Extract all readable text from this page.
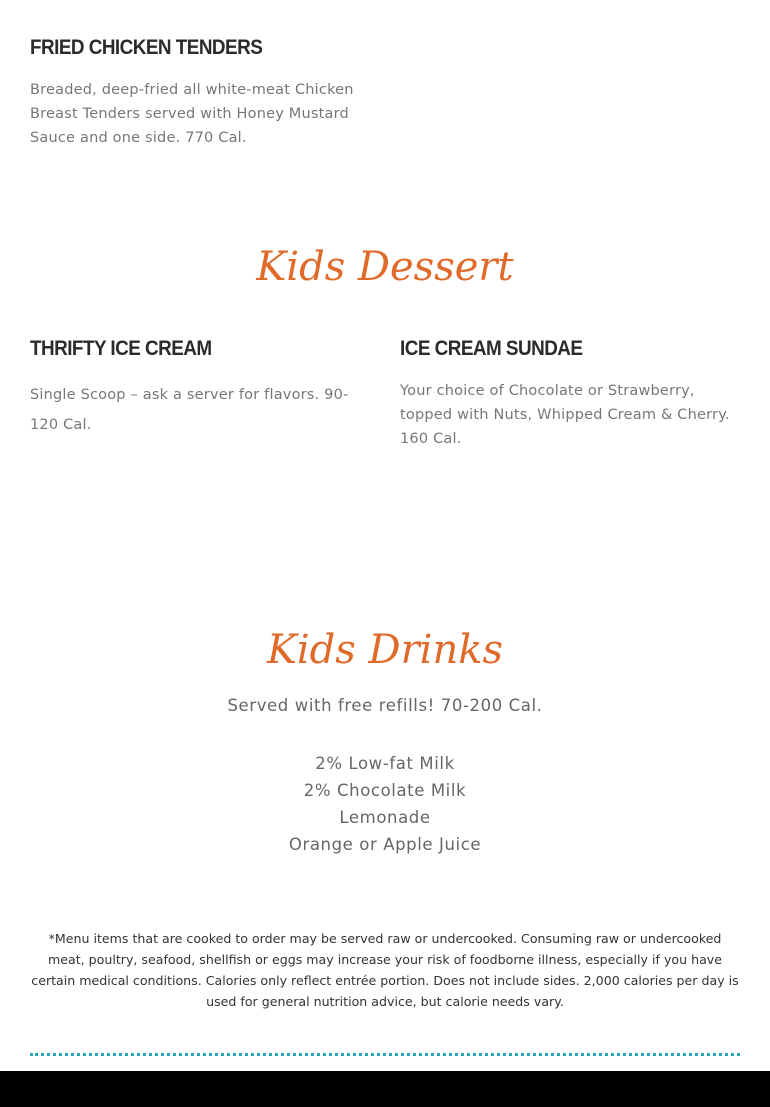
FRIED CHICKEN TENDERS
Breaded, deep-fried all white-meat Chicken Breast Tenders served with Honey Mustard Sauce and one side. 770 Cal.
Kids Dessert
THRIFTY ICE CREAM
Single Scoop – ask a server for flavors. 90-120 Cal.
ICE CREAM SUNDAE
Your choice of Chocolate or Strawberry, topped with Nuts, Whipped Cream & Cherry. 160 Cal.
Kids Drinks
Served with free refills! 70-200 Cal.
2% Low-fat Milk
2% Chocolate Milk
Lemonade
Orange or Apple Juice
*Menu items that are cooked to order may be served raw or undercooked. Consuming raw or undercooked meat, poultry, seafood, shellfish or eggs may increase your risk of foodborne illness, especially if you have certain medical conditions. Calories only reflect entrée portion. Does not include sides. 2,000 calories per day is used for general nutrition advice, but calorie needs vary.
